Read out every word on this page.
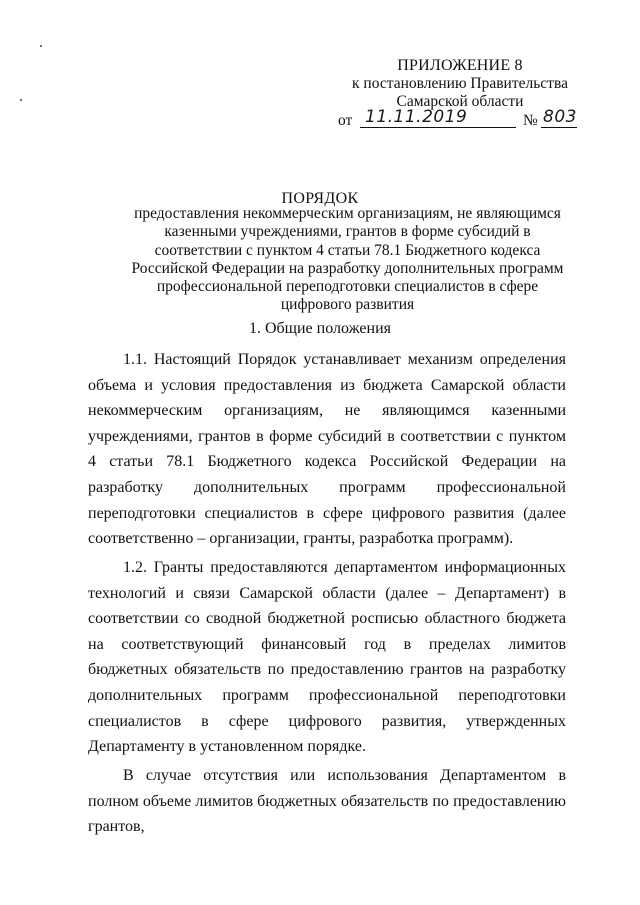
ПРИЛОЖЕНИЕ 8
к постановлению Правительства
Самарской области
от 11.11.2019	№ 803
ПОРЯДОК
предоставления некоммерческим организациям, не являющимся казенными учреждениями, грантов в форме субсидий в соответствии с пунктом 4 статьи 78.1 Бюджетного кодекса Российской Федерации на разработку дополнительных программ профессиональной переподготовки специалистов в сфере цифрового развития
1. Общие положения

1.1. Настоящий Порядок устанавливает механизм определения объема и условия предоставления из бюджета Самарской области некоммерческим организациям, не являющимся казенными учреждениями, грантов в форме субсидий в соответствии с пунктом 4 статьи 78.1 Бюджетного кодекса Российской Федерации на разработку дополнительных программ профессиональной переподготовки специалистов в сфере цифрового развития (далее соответственно – организации, гранты, разработка программ).

1.2. Гранты предоставляются департаментом информационных технологий и связи Самарской области (далее – Департамент) в соответствии со сводной бюджетной росписью областного бюджета на соответствующий финансовый год в пределах лимитов бюджетных обязательств по предоставлению грантов на разработку дополнительных программ профессиональной переподготовки специалистов в сфере цифрового развития, утвержденных Департаменту в установленном порядке.

В случае отсутствия или использования Департаментом в полном объеме лимитов бюджетных обязательств по предоставлению грантов,
